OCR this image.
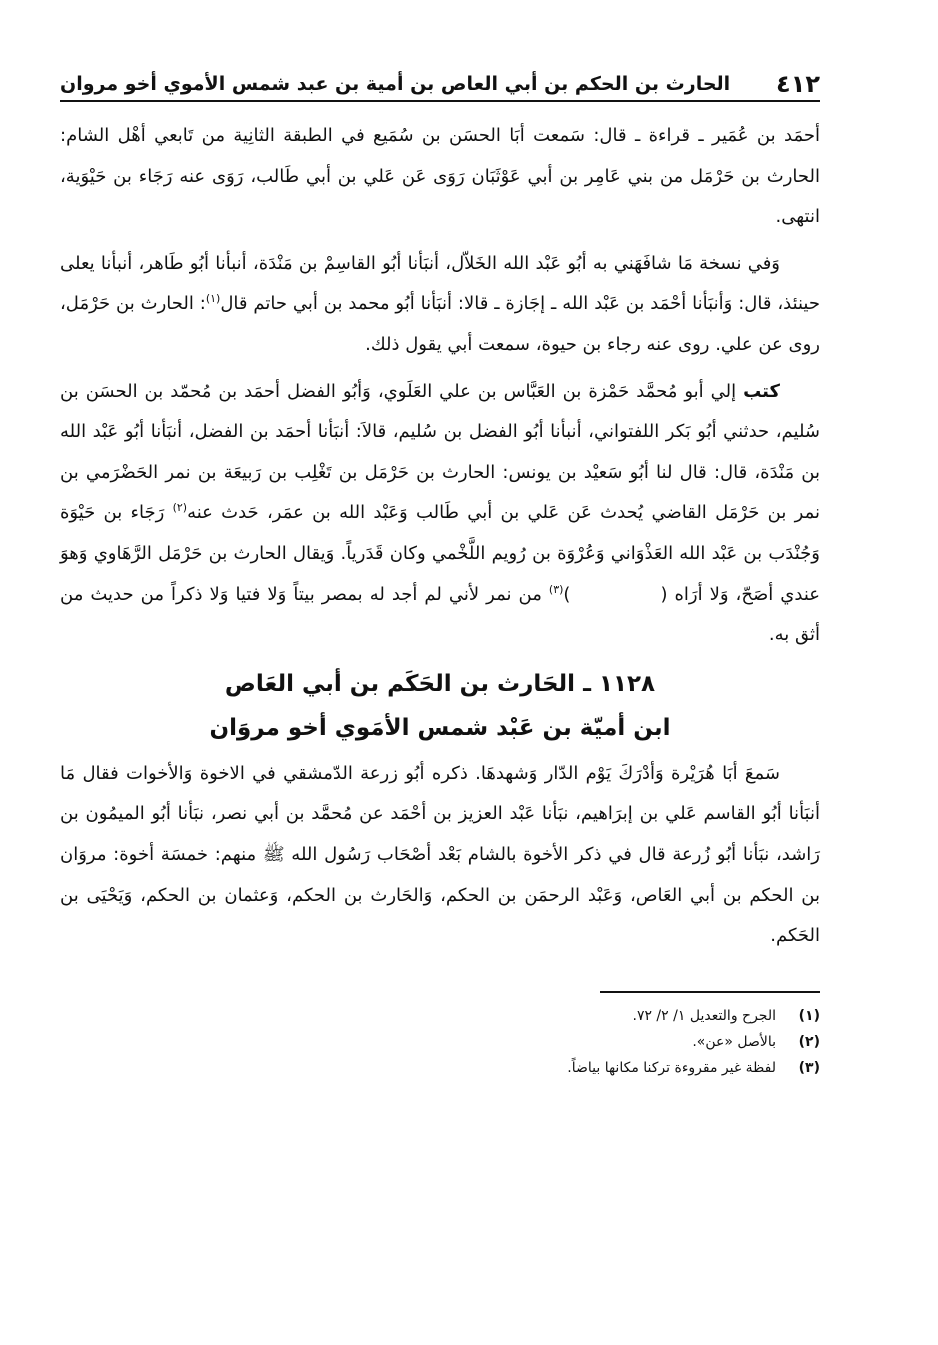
٤١٢
الحارث بن الحكم بن أبي العاص بن أمية بن عبد شمس الأموي أخو مروان

أحمَد بن عُمَير ـ قراءة ـ قال: سَمعت أبَا الحسَن بن سُمَيع في الطبقة الثانِية من تَابعي أهْل الشام: الحارث بن حَرْمَل من بني عَامِر بن أبي عَوْثَبَان رَوَى عَن عَلي بن أبي طَالب، رَوَى عنه رَجَاء بن حَيْوَية، انتهى.

وَفي نسخة مَا شافَهَني به أبُو عَبْد الله الخَلاّل، أنبَأنا أبُو القاسِمْ بن مَنْدَة، أنبأنا أبُو طَاهر، أنبأنا يعلى حينئذ، قال: وَأنبَأنا أحْمَد بن عَبْد الله ـ إجَازة ـ قالا: أنبَأنا أبُو محمد بن أبي حاتم قال$^{(١)}$: الحارث بن حَرْمَل، روى عن علي. روى عنه رجاء بن حيوة، سمعت أبي يقول ذلك.

كتب إلي أبو مُحمَّد حَمْزة بن العَبَّاس بن علي العَلَوي، وَأبُو الفضل أحمَد بن مُحمّد بن الحسَن بن سُليم، حدثني أبُو بَكر اللفتواني، أنبأنا أبُو الفضل بن سُليم، قالاَ: أنبَأنا أحمَد بن الفضل، أنبَأنا أبُو عَبْد الله بن مَنْدَة، قال: قال لنا أبُو سَعيْد بن يونس: الحارث بن حَرْمَل بن تَغْلِب بن رَبيعَة بن نمر الحَضْرَمي بن نمر بن حَرْمَل القاضي يُحدث عَن عَلي بن أبي طَالب وَعَبْد الله بن عمَر، حَدث عنه$^{(٢)}$ رَجَاء بن حَيْوَة وَجُنْدَب بن عَبْد الله العَذْوَاني وَعُرْوَة بن رُويم اللَّخْمي وكان قَدَرياً. وَيقال الحارث بن حَرْمَل الرَّهَاوي وَهوَ عندي أصَحّ، وَلا أرَاه ()$^{(٣)}$ من نمر لأني لم أجد له بمصر بيتاً وَلا فتيا وَلا ذكراً من حديث من أثق به.

١١٢٨ ـ الحَارث بن الحَكَم بن أبي العَاص
ابن أميّة بن عَبْد شمس الأمَوي أخو مروَان

سَمعَ أبَا هُرَيْرة وَأدْرَكَ يَوْم الدّار وَشهدهَا. ذكره أبُو زرعة الدّمشقي في الاخوة وَالأخوات فقال مَا أنبَأنا أبُو القاسم عَلي بن إبرَاهيم، نبَأنا عَبْد العزيز بن أحْمَد عن مُحمَّد بن أبي نصر، نبَأنا أبُو الميمُون بن رَاشد، نبَأنا أبُو زُرعة قال في ذكر الأخوة بالشام بَعْد أصْحَاب رَسُول الله ﷺ منهم: خمسَة أخوة: مروَان بن الحكم بن أبي العَاص، وَعَبْد الرحمَن بن الحكم، وَالحَارث بن الحكم، وَعثمان بن الحكم، وَيَحْيَى بن الحَكم.

(١)الجرح والتعديل ١/ ٢/ ٧٢.
(٢)بالأصل «عن».
(٣)لفظة غير مقروءة تركنا مكانها بياضاً.
